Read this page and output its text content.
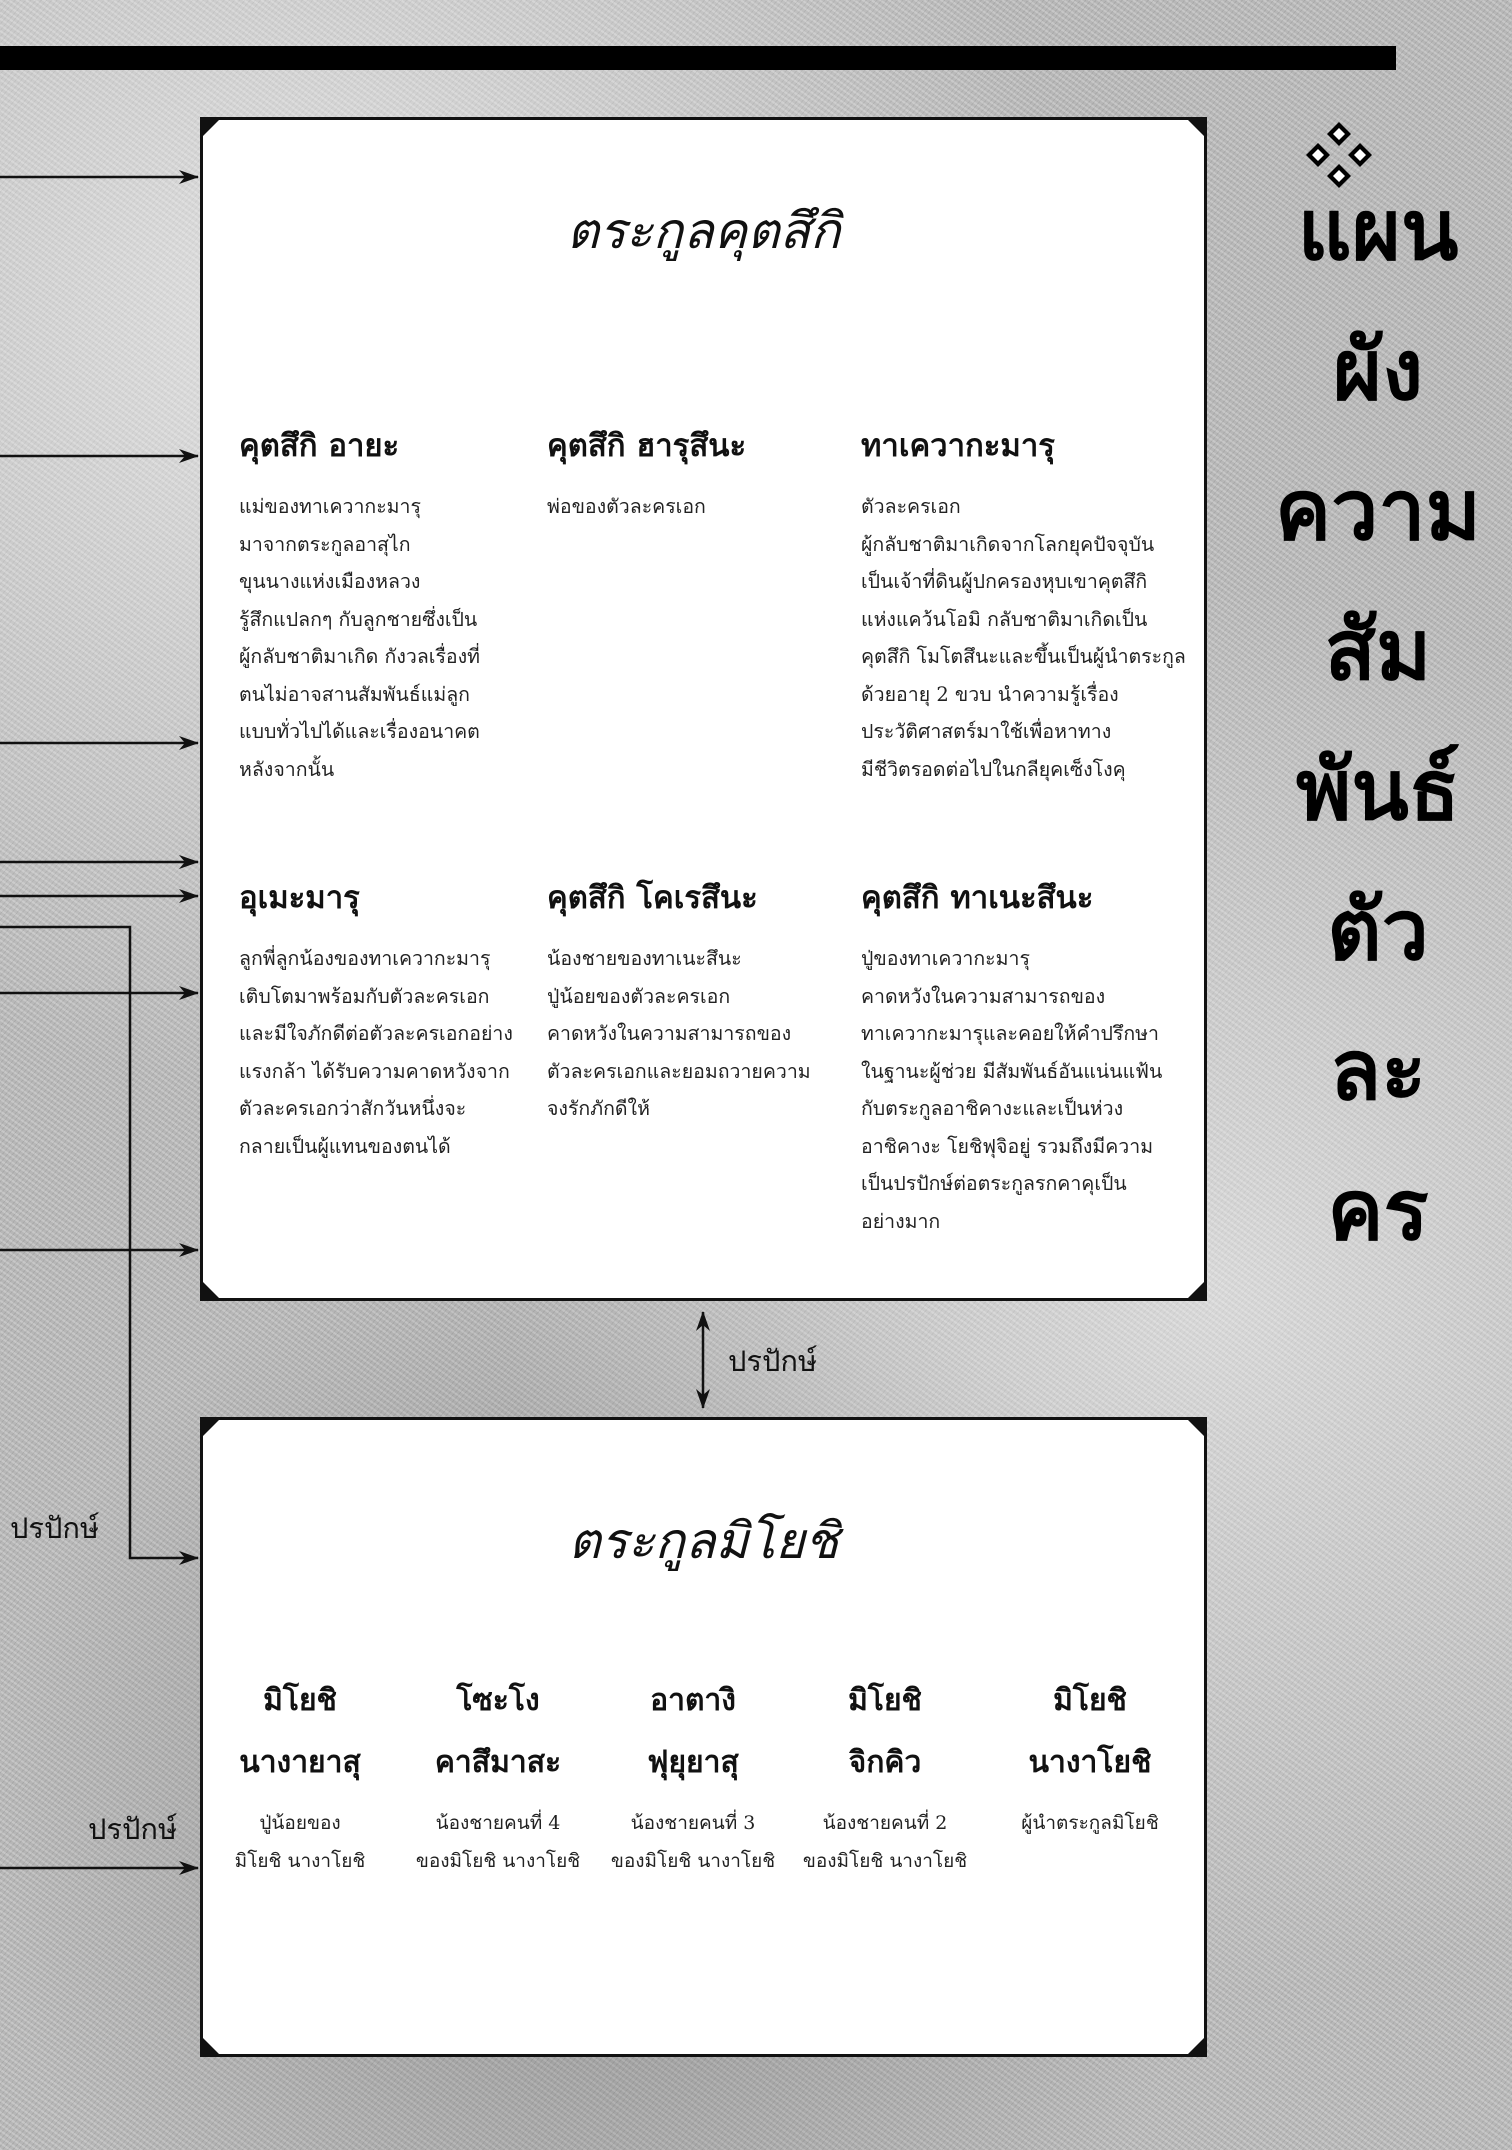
ตระกูลคุตสึกิ
คุตสึกิ อายะ
แม่ของทาเควากะมารุ
มาจากตระกูลอาสุไก
ขุนนางแห่งเมืองหลวง
รู้สึกแปลกๆ กับลูกชายซึ่งเป็น
ผู้กลับชาติมาเกิด กังวลเรื่องที่
ตนไม่อาจสานสัมพันธ์แม่ลูก
แบบทั่วไปได้และเรื่องอนาคต
หลังจากนั้น
คุตสึกิ ฮารุสึนะ
พ่อของตัวละครเอก
ทาเควากะมารุ
ตัวละครเอก
ผู้กลับชาติมาเกิดจากโลกยุคปัจจุบัน
เป็นเจ้าที่ดินผู้ปกครองหุบเขาคุตสึกิ
แห่งแคว้นโอมิ กลับชาติมาเกิดเป็น
คุตสึกิ โมโตสึนะและขึ้นเป็นผู้นำตระกูล
ด้วยอายุ 2 ขวบ นำความรู้เรื่อง
ประวัติศาสตร์มาใช้เพื่อหาทาง
มีชีวิตรอดต่อไปในกลียุคเซ็งโงคุ
อุเมะมารุ
ลูกพี่ลูกน้องของทาเควากะมารุ
เติบโตมาพร้อมกับตัวละครเอก
และมีใจภักดีต่อตัวละครเอกอย่าง
แรงกล้า ได้รับความคาดหวังจาก
ตัวละครเอกว่าสักวันหนึ่งจะ
กลายเป็นผู้แทนของตนได้
คุตสึกิ โคเรสึนะ
น้องชายของทาเนะสึนะ
ปู่น้อยของตัวละครเอก
คาดหวังในความสามารถของ
ตัวละครเอกและยอมถวายความ
จงรักภักดีให้
คุตสึกิ ทาเนะสึนะ
ปู่ของทาเควากะมารุ
คาดหวังในความสามารถของ
ทาเควากะมารุและคอยให้คำปรึกษา
ในฐานะผู้ช่วย มีสัมพันธ์อันแน่นแฟ้น
กับตระกูลอาชิคางะและเป็นห่วง
อาชิคางะ โยชิฟุจิอยู่ รวมถึงมีความ
เป็นปรปักษ์ต่อตระกูลรกคาคุเป็น
อย่างมาก
ปรปักษ์
ตระกูลมิโยชิ
มิโยชิ
นางายาสุ
ปู่น้อยของ
มิโยชิ นางาโยชิ
โซะโง
คาสึมาสะ
น้องชายคนที่ 4
ของมิโยชิ นางาโยชิ
อาตางิ
ฟุยุยาสุ
น้องชายคนที่ 3
ของมิโยชิ นางาโยชิ
มิโยชิ
จิกคิว
น้องชายคนที่ 2
ของมิโยชิ นางาโยชิ
มิโยชิ
นางาโยชิ
ผู้นำตระกูลมิโยชิ
ปรปักษ์
ปรปักษ์
แผน
ผัง
ความ
สัม
พันธ์
ตัว
ละ
คร
